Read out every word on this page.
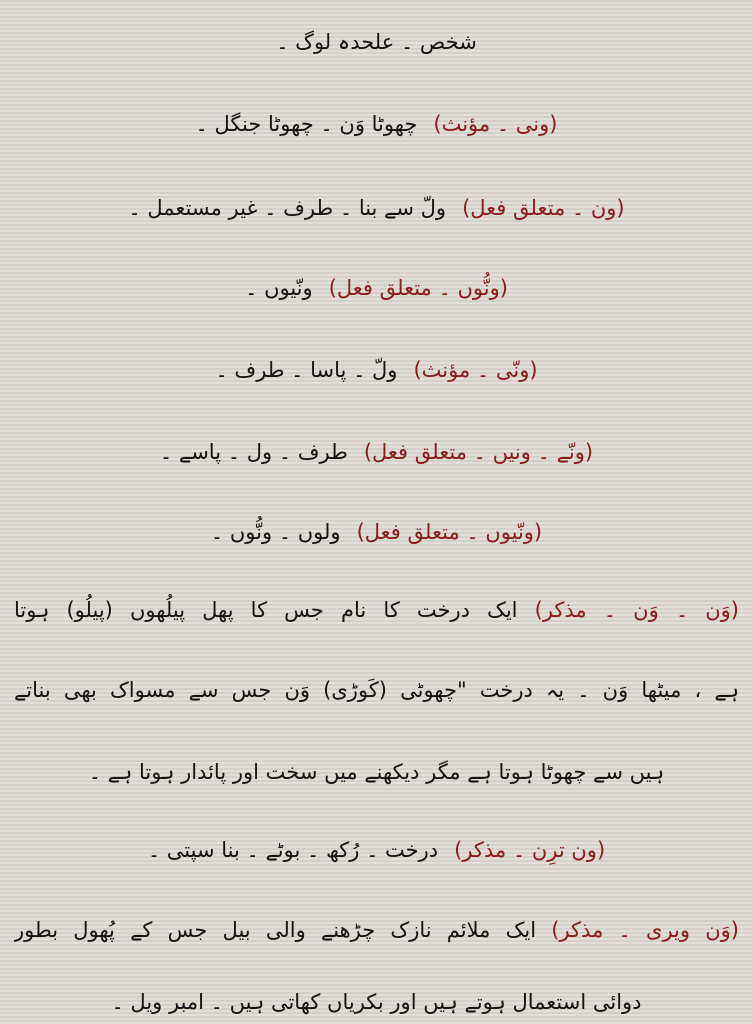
شخص ۔ علحدہ لوگ ۔
(ونی ۔ مؤنث)چھوٹا وَن ۔ چھوٹا جنگل ۔
(ون ۔ متعلق فعل)ولّ سے بنا ۔ طرف ۔ غیر مستعمل ۔
(ونُّوں ۔ متعلق فعل)ونّیوں ۔
(ونّی ۔ مؤنث)ولّ ۔ پاسا ۔ طرف ۔
(ونّے ۔ ونیں ۔ متعلق فعل)طرف ۔ ول ۔ پاسے ۔
(ونّیوں ۔ متعلق فعل)ولوں ۔ ونُّوں ۔
(وَن ۔ وَن ۔ مذکر) ایک درخت کا نام جس کا پھل پیلُھوں (پیلُو) ہوتا
ہے ، میٹھا وَن ۔ یہ درخت "چھوٹی (کَوڑی) وَن جس سے مسواک بھی بناتے
ہیں سے چھوٹا ہوتا ہے مگر دیکھنے میں سخت اور پائدار ہوتا ہے ۔
(ون ترِن ۔ مذکر)درخت ۔ رُکھ ۔ بوٹے ۔ بنا سپتی ۔
(وَن ویری ۔ مذکر) ایک ملائم نازک چڑھنے والی بیل جس کے پُھول بطور
دوائی استعمال ہوتے ہیں اور بکریاں کھاتی ہیں ۔ امبر ویل ۔
